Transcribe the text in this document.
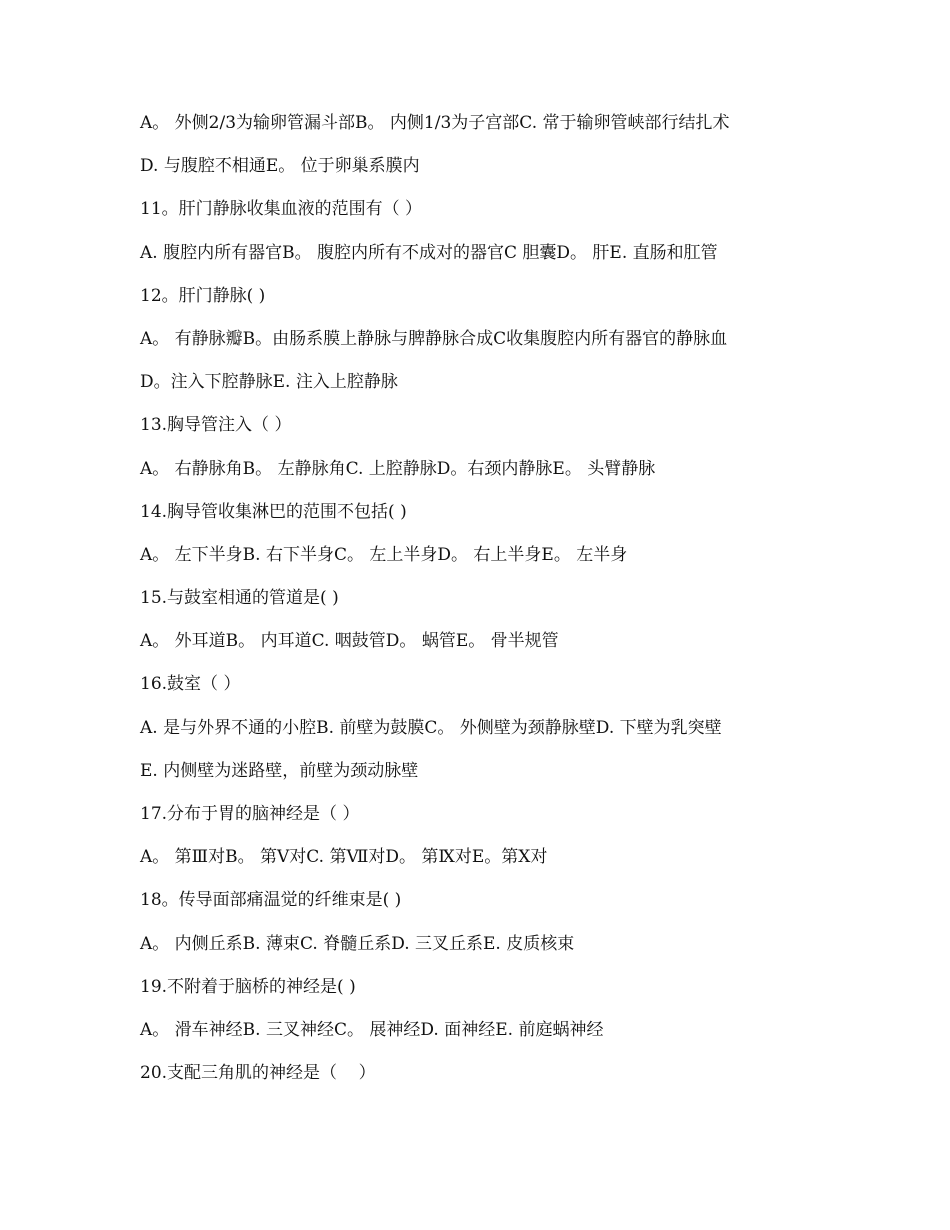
A。 外侧2/3为输卵管漏斗部B。 内侧1/3为子宫部C. 常于输卵管峡部行结扎术
D. 与腹腔不相通E。 位于卵巢系膜内
11。肝门静脉收集血液的范围有（ ）
A. 腹腔内所有器官B。 腹腔内所有不成对的器官C 胆囊D。 肝E. 直肠和肛管
12。肝门静脉( )
A。 有静脉瓣B。由肠系膜上静脉与脾静脉合成C收集腹腔内所有器官的静脉血
D。注入下腔静脉E. 注入上腔静脉
13.胸导管注入（ ）
A。 右静脉角B。 左静脉角C. 上腔静脉D。右颈内静脉E。 头臂静脉
14.胸导管收集淋巴的范围不包括( )
A。 左下半身B. 右下半身C。 左上半身D。 右上半身E。 左半身
15.与鼓室相通的管道是( )
A。 外耳道B。 内耳道C. 咽鼓管D。 蜗管E。 骨半规管
16.鼓室（ ）
A. 是与外界不通的小腔B. 前壁为鼓膜C。 外侧壁为颈静脉壁D. 下壁为乳突壁
E. 内侧壁为迷路壁，前壁为颈动脉壁
17.分布于胃的脑神经是（ ）
A。 第Ⅲ对B。 第Ⅴ对C. 第Ⅶ对D。 第Ⅸ对E。第Ⅹ对
18。传导面部痛温觉的纤维束是( )
A。 内侧丘系B. 薄束C. 脊髓丘系D. 三叉丘系E. 皮质核束
19.不附着于脑桥的神经是( )
A。 滑车神经B. 三叉神经C。 展神经D. 面神经E. 前庭蜗神经
20.支配三角肌的神经是（    ）
